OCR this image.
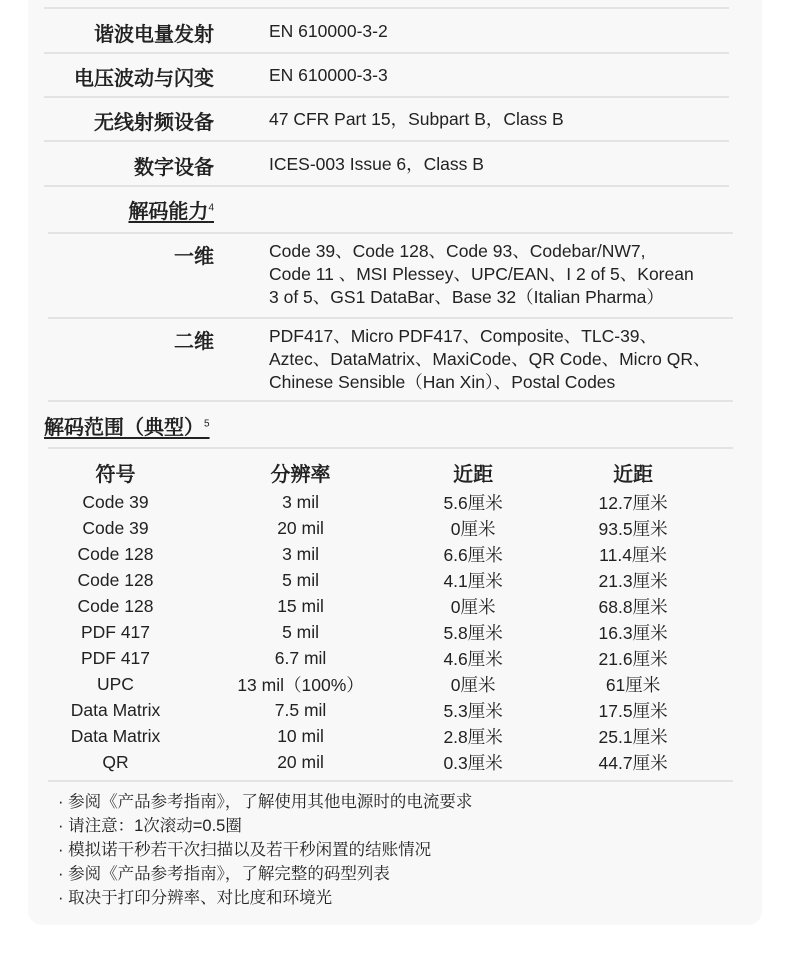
谐波电量发射	EN 610000-3-2
电压波动与闪变	EN 610000-3-3
无线射频设备	47 CFR Part 15，Subpart B，Class B
数字设备	ICES-003 Issue 6，Class B
解码能力$^4$
一维	Code 39、Code 128、Code 93、Codebar/NW7,
Code 11 、MSI Plessey、UPC/EAN、I 2 of 5、Korean
3 of 5、GS1 DataBar、Base 32（Italian Pharma）
二维	PDF417、Micro PDF417、Composite、TLC-39、
Aztec、DataMatrix、MaxiCode、QR Code、Micro QR、
Chinese Sensible（Han Xin）、Postal Codes
解码范围（典型）$^5$
符号	分辨率	近距	近距
Code 39	3 mil	5.6厘米	12.7厘米
Code 39	20 mil	0厘米	93.5厘米
Code 128	3 mil	6.6厘米	11.4厘米
Code 128	5 mil	4.1厘米	21.3厘米
Code 128	15 mil	0厘米	68.8厘米
PDF 417	5 mil	5.8厘米	16.3厘米
PDF 417	6.7 mil	4.6厘米	21.6厘米
UPC	13 mil（100%）	0厘米	61厘米
Data Matrix	7.5 mil	5.3厘米	17.5厘米
Data Matrix	10 mil	2.8厘米	25.1厘米
QR	20 mil	0.3厘米	44.7厘米
· 参阅《产品参考指南》，了解使用其他电源时的电流要求
· 请注意：1次滚动=0.5圈
· 模拟诺干秒若干次扫描以及若干秒闲置的结账情况
· 参阅《产品参考指南》，了解完整的码型列表
· 取决于打印分辨率、对比度和环境光
